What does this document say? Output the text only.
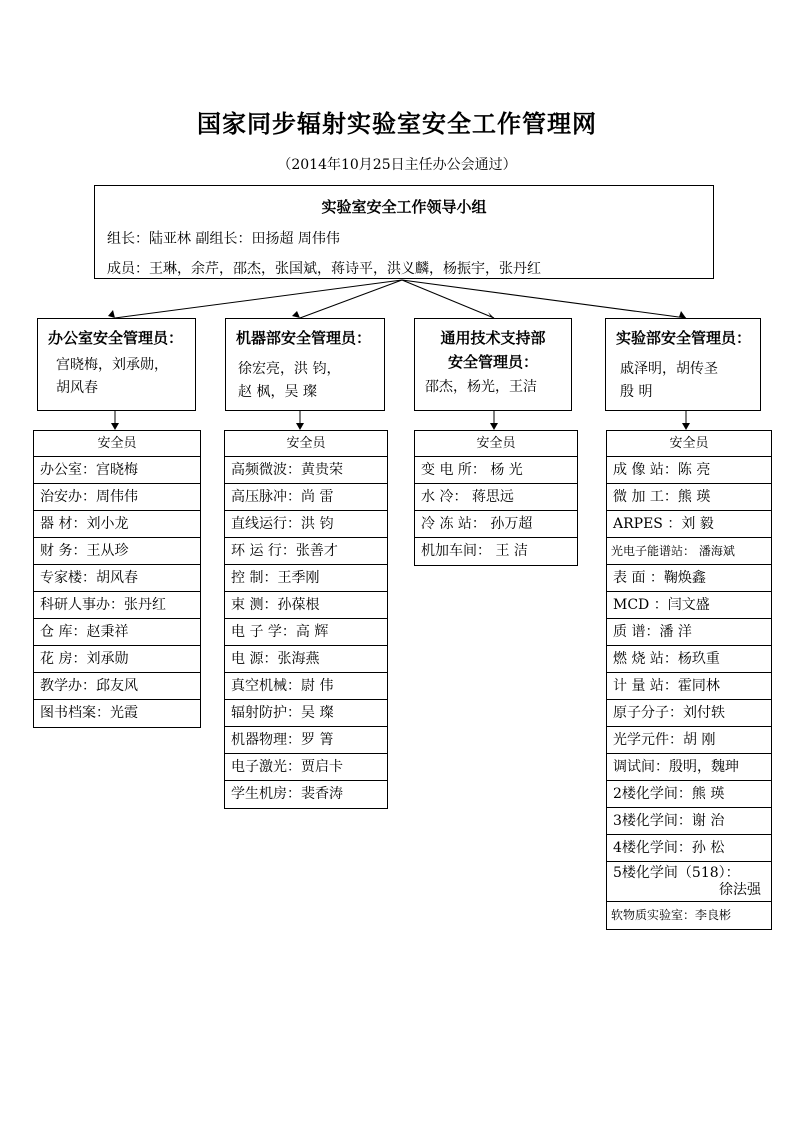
国家同步辐射实验室安全工作管理网
（2014年10月25日主任办公会通过）
实验室安全工作领导小组
组长：陆亚林 副组长：田扬超 周伟伟
成员：王琳，余芹，邵杰，张国斌，蒋诗平，洪义麟，杨振宇，张丹红
办公室安全管理员：
宫晓梅，刘承勋，
胡风春
机器部安全管理员：
徐宏亮，洪 钧，
赵 枫，吴 璨
通用技术支持部
安全管理员：
邵杰，杨光，王洁
实验部安全管理员：
戚泽明，胡传圣
殷 明
安全员
办公室：宫晓梅
治安办：周伟伟
器 材：刘小龙
财 务：王从珍
专家楼：胡风春
科研人事办：张丹红
仓 库：赵秉祥
花 房：刘承勋
教学办：邱友风
图书档案：光霞
安全员
高频微波：黄贵荣
高压脉冲：尚 雷
直线运行：洪 钧
环 运 行：张善才
控 制：王季刚
束 测：孙葆根
电 子 学：高 辉
电 源：张海燕
真空机械：尉 伟
辐射防护：吴 璨
机器物理：罗 箐
电子激光：贾启卡
学生机房：裴香涛
安全员
变 电 所： 杨 光
水 冷： 蒋思远
冷 冻 站： 孙万超
机加车间： 王 洁
安全员
成 像 站：陈 亮
微 加 工：熊 瑛
ARPES ：刘 毅
光电子能谱站： 潘海斌
表 面 ：鞠焕鑫
MCD ：闫文盛
质 谱：潘 洋
燃 烧 站：杨玖重
计 量 站：霍同林
原子分子：刘付轶
光学元件：胡 刚
调试间：殷明，魏珅
2楼化学间：熊 瑛
3楼化学间：谢 治
4楼化学间：孙 松
5楼化学间（518）：
徐法强
软物质实验室：李良彬
